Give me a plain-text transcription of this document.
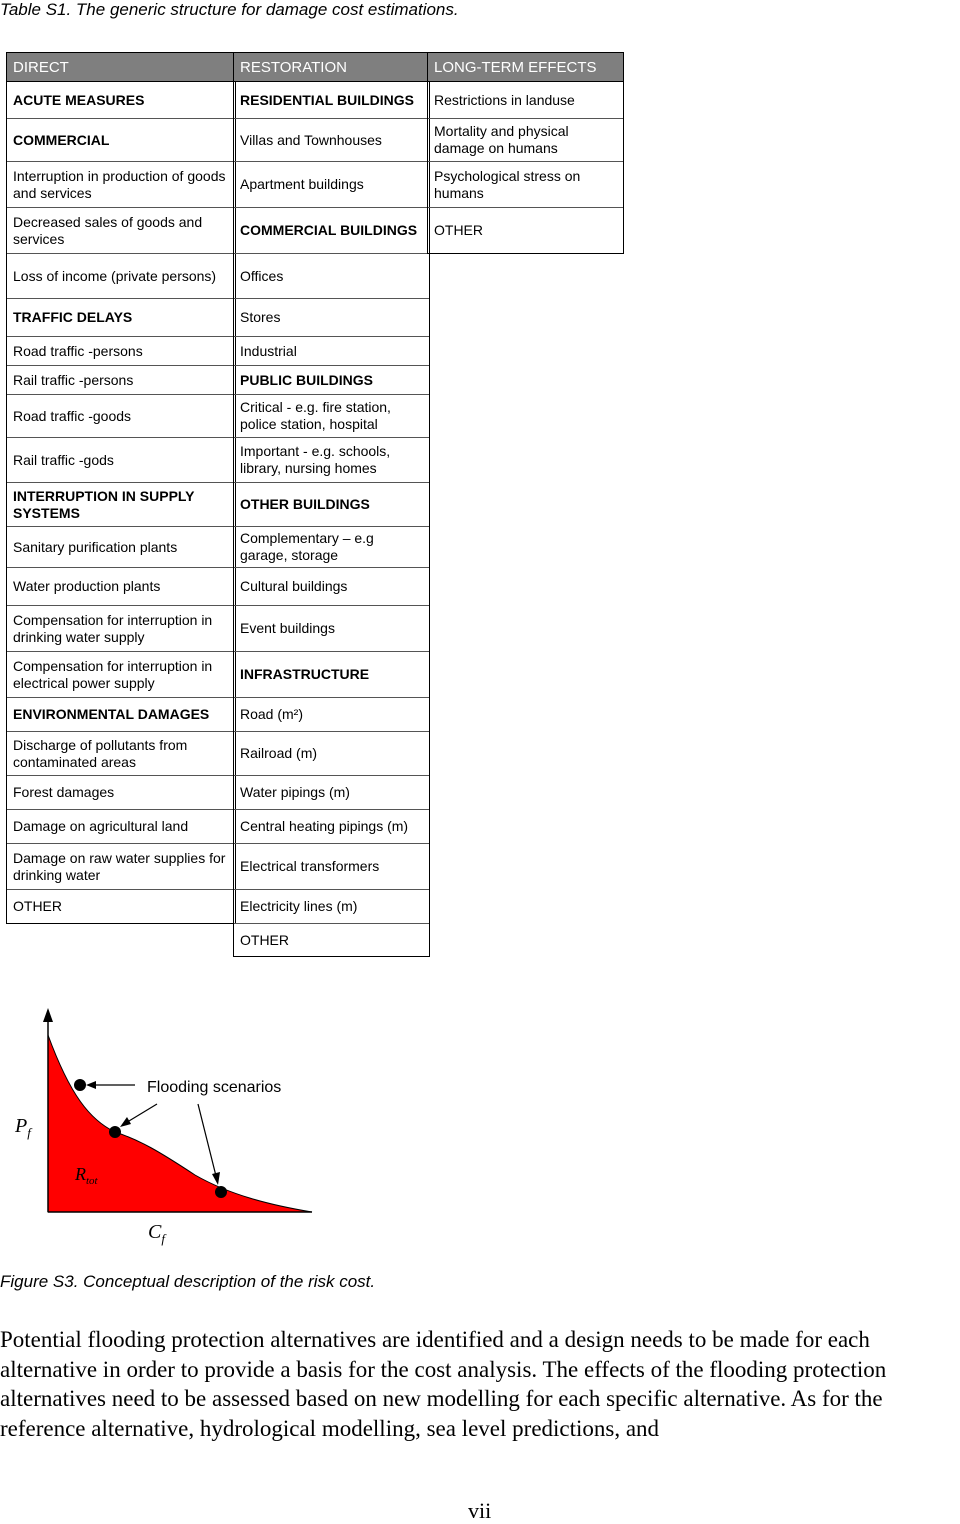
Table S1. The generic structure for damage cost estimations.
DIRECT
ACUTE MEASURES
COMMERCIAL
Interruption in production of goods and services
Decreased sales of goods and services
Loss of income (private persons)
TRAFFIC DELAYS
Road traffic -persons
Rail traffic -persons
Road traffic -goods
Rail traffic -gods
INTERRUPTION IN SUPPLY SYSTEMS
Sanitary purification plants
Water production plants
Compensation for interruption in drinking water supply
Compensation for interruption in electrical power supply
ENVIRONMENTAL DAMAGES
Discharge of pollutants from contaminated areas
Forest damages
Damage on agricultural land
Damage on raw water supplies for drinking water
OTHER
RESTORATION
RESIDENTIAL BUILDINGS
Villas and Townhouses
Apartment buildings
COMMERCIAL BUILDINGS
Offices
Stores
Industrial
PUBLIC BUILDINGS
Critical - e.g. fire station, police station, hospital
Important - e.g. schools, library, nursing homes
OTHER BUILDINGS
Complementary – e.g garage, storage
Cultural buildings
Event buildings
INFRASTRUCTURE
Road (m²)
Railroad (m)
Water pipings (m)
Central heating pipings (m)
Electrical transformers
Electricity lines (m)
OTHER
LONG-TERM EFFECTS
Restrictions in landuse
Mortality and physical damage on humans
Psychological stress on humans
OTHER
Flooding scenarios
$P_f$
$R_{tot}$
$C_f$
Figure S3. Conceptual description of the risk cost.
Potential flooding protection alternatives are identified and a design needs to be made for each alternative in order to provide a basis for the cost analysis. The effects of the flooding protection alternatives need to be assessed based on new modelling for each specific alternative. As for the reference alternative, hydrological modelling, sea level predictions, and
vii
